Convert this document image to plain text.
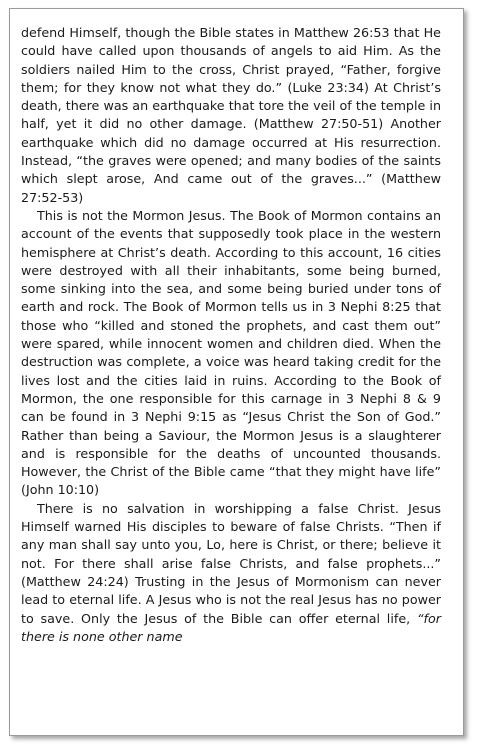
defend Himself, though the Bible states in Matthew 26:53 that He could have called upon thousands of angels to aid Him. As the soldiers nailed Him to the cross, Christ prayed, “Father, forgive them; for they know not what they do.” (Luke 23:34) At Christ’s death, there was an earthquake that tore the veil of the temple in half, yet it did no other damage. (Matthew 27:50-51) Another earthquake which did no damage occurred at His resurrection. Instead, “the graves were opened; and many bodies of the saints which slept arose, And came out of the graves...” (Matthew 27:52-53)

This is not the Mormon Jesus. The Book of Mormon contains an account of the events that supposedly took place in the western hemisphere at Christ’s death. According to this account, 16 cities were destroyed with all their inhabitants, some being burned, some sinking into the sea, and some being buried under tons of earth and rock. The Book of Mormon tells us in 3 Nephi 8:25 that those who “killed and stoned the prophets, and cast them out” were spared, while innocent women and children died. When the destruction was complete, a voice was heard taking credit for the lives lost and the cities laid in ruins. According to the Book of Mormon, the one responsible for this carnage in 3 Nephi 8 & 9 can be found in 3 Nephi 9:15 as “Jesus Christ the Son of God.” Rather than being a Saviour, the Mormon Jesus is a slaughterer and is responsible for the deaths of uncounted thousands. However, the Christ of the Bible came “that they might have life” (John 10:10)

There is no salvation in worshipping a false Christ. Jesus Himself warned His disciples to beware of false Christs. “Then if any man shall say unto you, Lo, here is Christ, or there; believe it not. For there shall arise false Christs, and false prophets...” (Matthew 24:24) Trusting in the Jesus of Mormonism can never lead to eternal life. A Jesus who is not the real Jesus has no power to save. Only the Jesus of the Bible can offer eternal life, “for there is none other name
